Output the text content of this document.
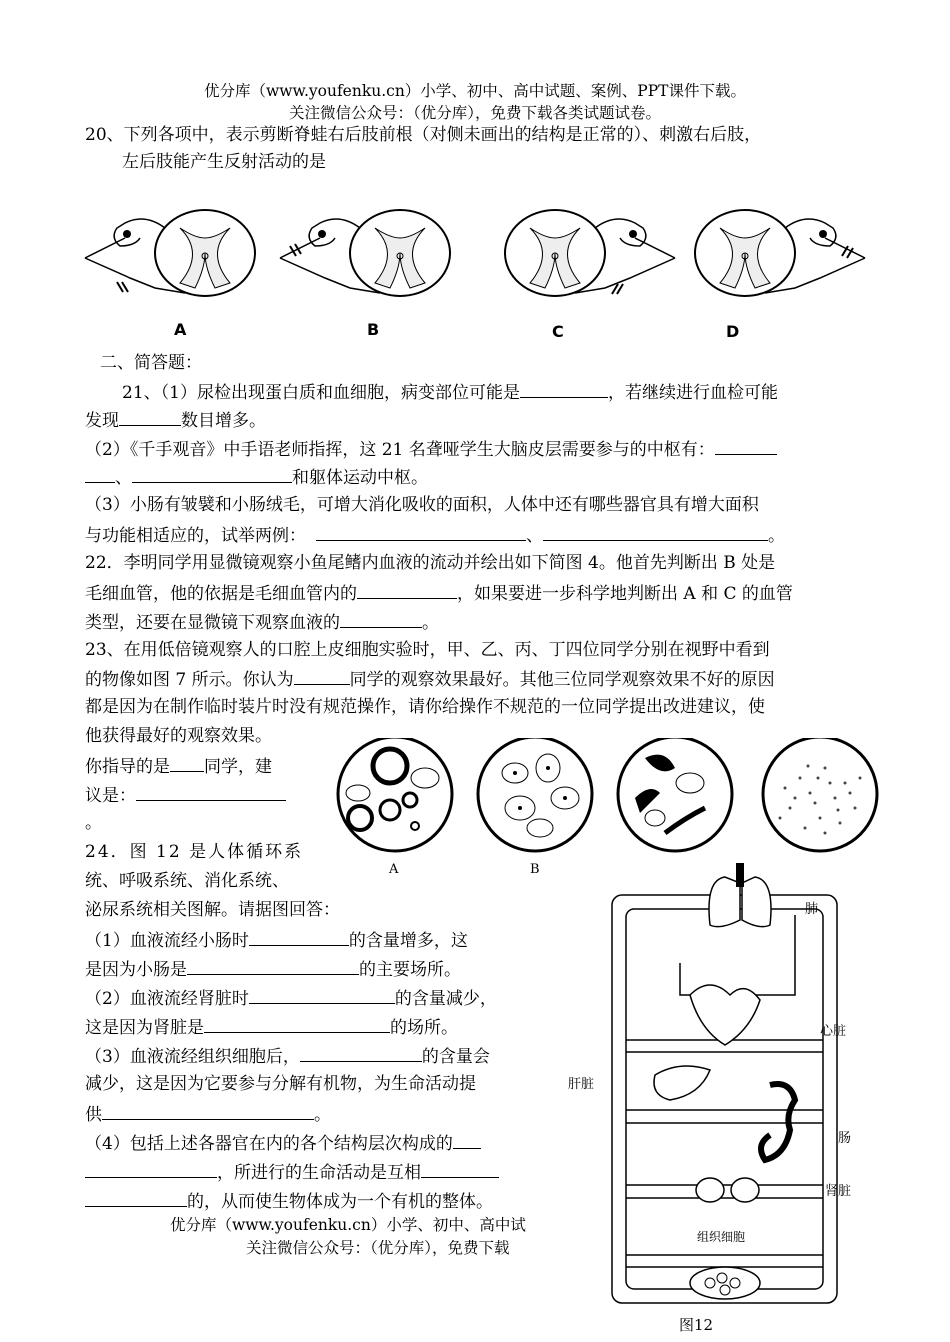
优分库（www.youfenku.cn）小学、初中、高中试题、案例、PPT课件下载。
关注微信公众号：（优分库），免费下载各类试题试卷。
20、下列各项中，表示剪断脊蛙右后肢前根（对侧未画出的结构是正常的）、刺激右后肢，
左后肢能产生反射活动的是
A	B	C	D
二、简答题：
21、（1）尿检出现蛋白质和血细胞，病变部位可能是	，若继续进行血检可能
发现	数目增多。
（2）《千手观音》中手语老师指挥，这 21 名聋哑学生大脑皮层需要参与的中枢有：
、	和躯体运动中枢。
（3）小肠有皱襞和小肠绒毛，可增大消化吸收的面积，人体中还有哪些器官具有增大面积
与功能相适应的，试举两例：	、	。
22．李明同学用显微镜观察小鱼尾鳍内血液的流动并绘出如下简图 4。他首先判断出 B 处是
毛细血管，他的依据是毛细血管内的	，如果要进一步科学地判断出 A 和 C 的血管
类型，还要在显微镜下观察血液的	。
23、在用低倍镜观察人的口腔上皮细胞实验时，甲、乙、丙、丁四位同学分别在视野中看到
的物像如图 7 所示。你认为	同学的观察效果最好。其他三位同学观察效果不好的原因
都是因为在制作临时装片时没有规范操作，请你给操作不规范的一位同学提出改进建议，使
他获得最好的观察效果。
你指导的是 同学，建
议是：
。
A	B
24．图 12 是人体循环系
统、呼吸系统、消化系统、
泌尿系统相关图解。请据图回答：
（1）血液流经小肠时	的含量增多，这
是因为小肠是	的主要场所。
（2）血液流经肾脏时	的含量减少，
这是因为肾脏是	的场所。
（3）血液流经组织细胞后，	的含量会
减少，这是因为它要参与分解有机物，为生命活动提
供	。
（4）包括上述各器官在内的各个结构层次构成的
，所进行的生命活动是互相
的，从而使生物体成为一个有机的整体。
优分库（www.youfenku.cn）小学、初中、高中试
关注微信公众号：（优分库），免费下载
肺
心脏
肝脏
肠
肾脏
组织细胞
图12
